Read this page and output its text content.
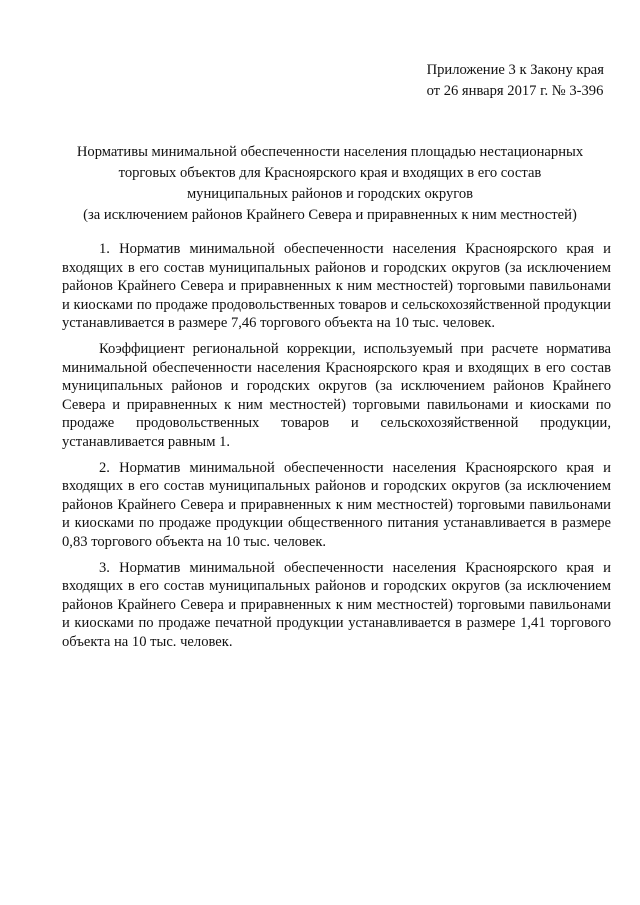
Приложение 3 к Закону края
от 26 января 2017 г. № 3-396
Нормативы минимальной обеспеченности населения площадью нестационарных
торговых объектов для Красноярского края и входящих в его состав
муниципальных районов и городских округов
(за исключением районов Крайнего Севера и приравненных к ним местностей)

1. Норматив минимальной обеспеченности населения Красноярского края и входящих в его состав муниципальных районов и городских округов (за исключением районов Крайнего Севера и приравненных к ним местностей) торговыми павильонами и киосками по продаже продовольственных товаров и сельскохозяйственной продукции устанавливается в размере 7,46 торгового объекта на 10 тыс. человек.

Коэффициент региональной коррекции, используемый при расчете норматива минимальной обеспеченности населения Красноярского края и входящих в его состав муниципальных районов и городских округов (за исключением районов Крайнего Севера и приравненных к ним местностей) торговыми павильонами и киосками по продаже продовольственных товаров и сельскохозяйственной продукции, устанавливается равным 1.

2. Норматив минимальной обеспеченности населения Красноярского края и входящих в его состав муниципальных районов и городских округов (за исключением районов Крайнего Севера и приравненных к ним местностей) торговыми павильонами и киосками по продаже продукции общественного питания устанавливается в размере 0,83 торгового объекта на 10 тыс. человек.

3. Норматив минимальной обеспеченности населения Красноярского края и входящих в его состав муниципальных районов и городских округов (за исключением районов Крайнего Севера и приравненных к ним местностей) торговыми павильонами и киосками по продаже печатной продукции устанавливается в размере 1,41 торгового объекта на 10 тыс. человек.
